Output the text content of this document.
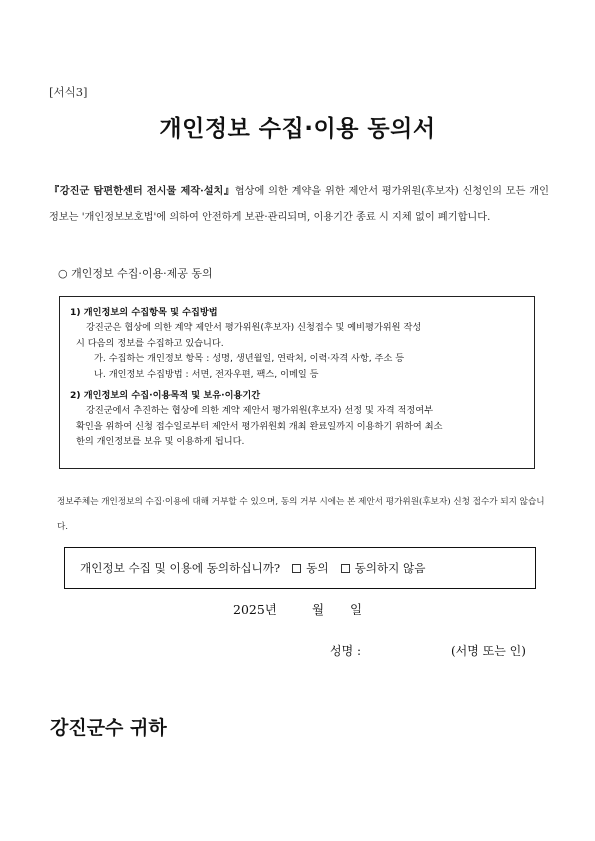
[서식3]
개인정보 수집·이용 동의서
『강진군 탐편한센터 전시물 제작·설치』협상에 의한 계약을 위한 제안서 평가위원(후보자) 신청인의 모든 개인정보는 '개인정보보호법'에 의하여 안전하게 보관·관리되며, 이용기간 종료 시 지체 없이 폐기합니다.
○ 개인정보 수집·이용·제공 동의
1) 개인정보의 수집항목 및 수집방법
강진군은 협상에 의한 계약 제안서 평가위원(후보자) 신청접수 및 예비평가위원 작성
시 다음의 정보를 수집하고 있습니다.
가. 수집하는 개인정보 항목 : 성명, 생년월일, 연락처, 이력·자격 사항, 주소 등
나. 개인정보 수집방법 : 서면, 전자우편, 팩스, 이메일 등
2) 개인정보의 수집·이용목적 및 보유·이용기간
강진군에서 추진하는 협상에 의한 계약 제안서 평가위원(후보자) 선정 및 자격 적정여부
확인을 위하여 신청 접수일로부터 제안서 평가위원회 개최 완료일까지 이용하기 위하여 최소
한의 개인정보를 보유 및 이용하게 됩니다.
정보주체는 개인정보의 수집·이용에 대해 거부할 수 있으며, 동의 거부 시에는 본 제안서 평가위원(후보자) 신청 접수가 되지 않습니다.
개인정보 수집 및 이용에 동의하십니까? 동의 동의하지 않음
2025년	월 일
성명 :	(서명 또는 인)
강진군수 귀하
